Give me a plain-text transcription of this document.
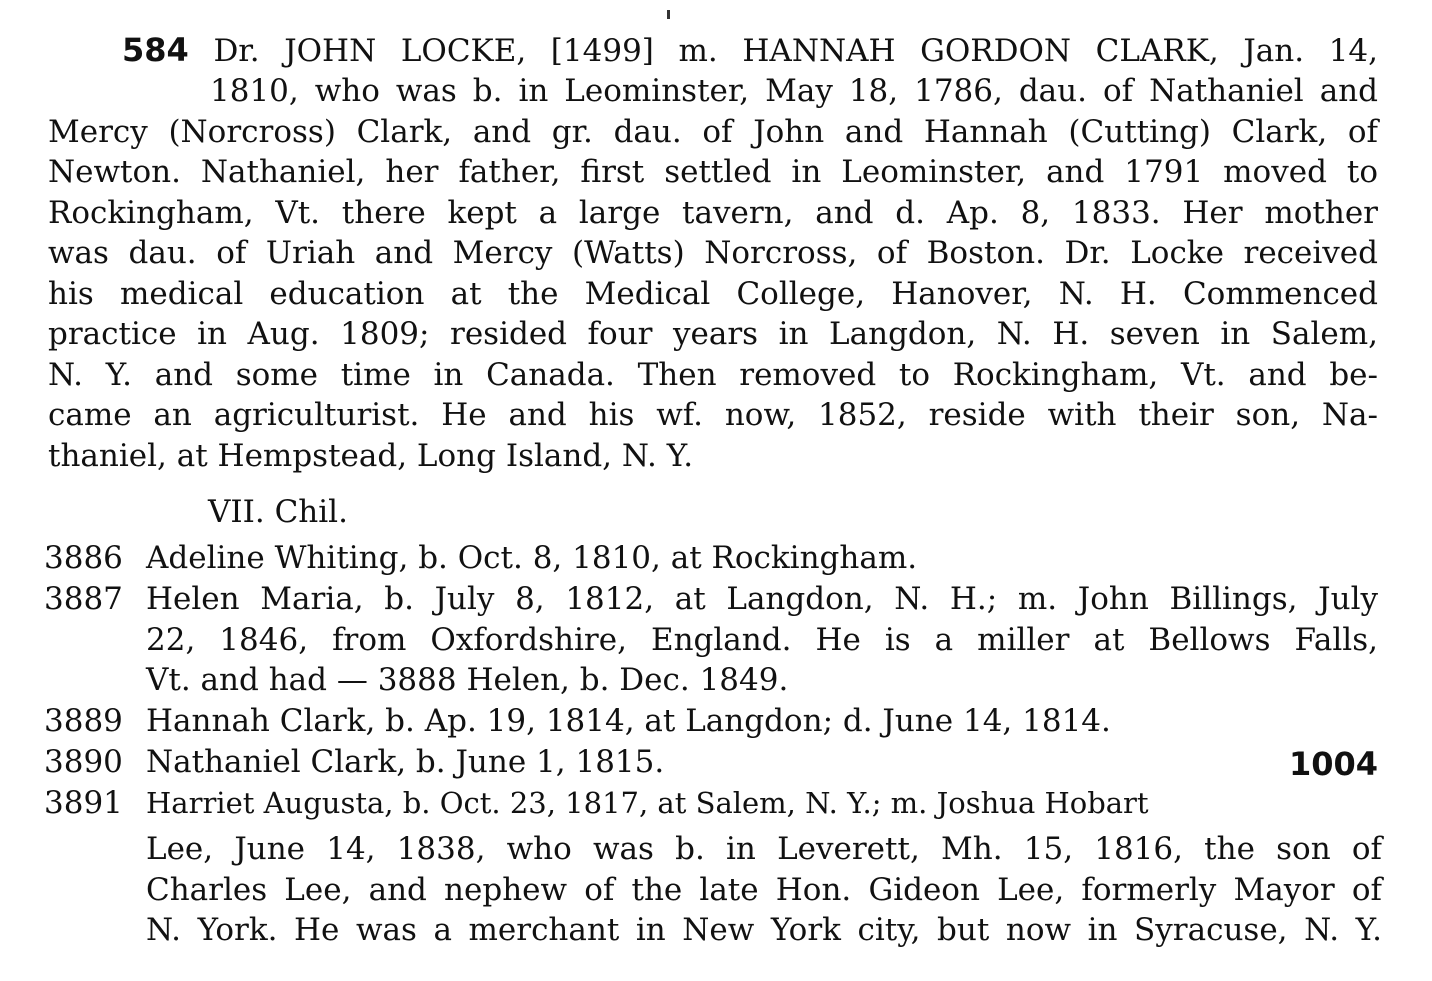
584 Dr. JOHN LOCKE, [1499] m. HANNAH GORDON CLARK, Jan. 14,
1810, who was b. in Leominster, May 18, 1786, dau. of Nathaniel and
Mercy (Norcross) Clark, and gr. dau. of John and Hannah (Cutting) Clark, of
Newton. Nathaniel, her father, first settled in Leominster, and 1791 moved to
Rockingham, Vt. there kept a large tavern, and d. Ap. 8, 1833. Her mother
was dau. of Uriah and Mercy (Watts) Norcross, of Boston. Dr. Locke received
his medical education at the Medical College, Hanover, N. H. Commenced
practice in Aug. 1809; resided four years in Langdon, N. H. seven in Salem,
N. Y. and some time in Canada. Then removed to Rockingham, Vt. and be-
came an agriculturist. He and his wf. now, 1852, reside with their son, Na-
thaniel, at Hempstead, Long Island, N. Y.
VII. Chil.
3886 Adeline Whiting, b. Oct. 8, 1810, at Rockingham.
3887 Helen Maria, b. July 8, 1812, at Langdon, N. H.; m. John Billings, July
22, 1846, from Oxfordshire, England. He is a miller at Bellows Falls,
Vt. and had — 3888 Helen, b. Dec. 1849.
3889 Hannah Clark, b. Ap. 19, 1814, at Langdon; d. June 14, 1814.
3890 Nathaniel Clark, b. June 1, 1815.	1004
3891 Harriet Augusta, b. Oct. 23, 1817, at Salem, N. Y.; m. Joshua Hobart
Lee, June 14, 1838, who was b. in Leverett, Mh. 15, 1816, the son of
Charles Lee, and nephew of the late Hon. Gideon Lee, formerly Mayor of
N. York. He was a merchant in New York city, but now in Syracuse, N. Y.
